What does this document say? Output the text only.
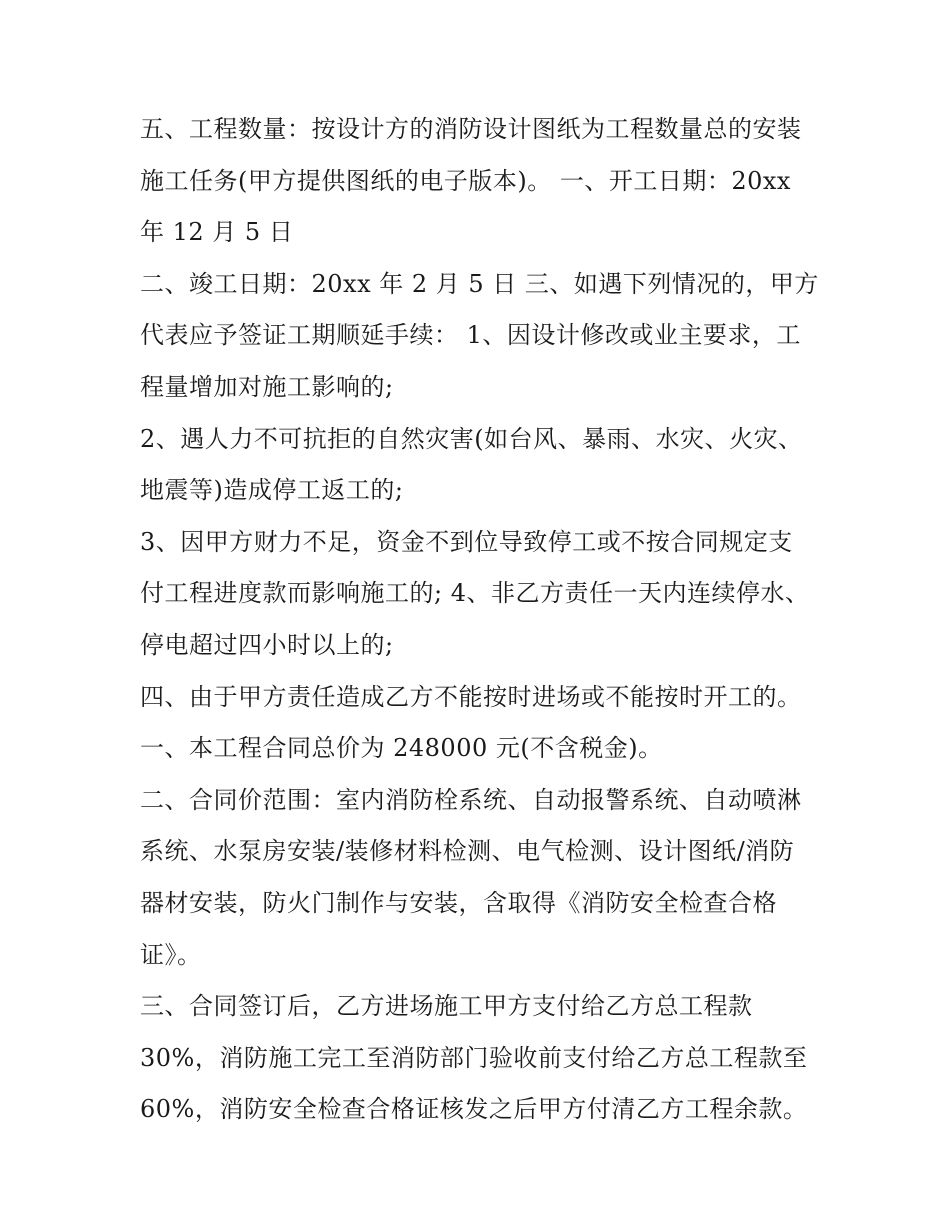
五、工程数量：按设计方的消防设计图纸为工程数量总的安装
施工任务(甲方提供图纸的电子版本)。 一、开工日期：20xx
年 12 月 5 日
二、竣工日期：20xx 年 2 月 5 日 三、如遇下列情况的，甲方
代表应予签证工期顺延手续： 1、因设计修改或业主要求，工
程量增加对施工影响的;
2、遇人力不可抗拒的自然灾害(如台风、暴雨、水灾、火灾、
地震等)造成停工返工的;
3、因甲方财力不足，资金不到位导致停工或不按合同规定支
付工程进度款而影响施工的; 4、非乙方责任一天内连续停水、
停电超过四小时以上的;
四、由于甲方责任造成乙方不能按时进场或不能按时开工的。
一、本工程合同总价为 248000 元(不含税金)。
二、合同价范围：室内消防栓系统、自动报警系统、自动喷淋
系统、水泵房安装/装修材料检测、电气检测、设计图纸/消防
器材安装，防火门制作与安装，含取得《消防安全检查合格
证》。
三、合同签订后，乙方进场施工甲方支付给乙方总工程款
30%，消防施工完工至消防部门验收前支付给乙方总工程款至
60%，消防安全检查合格证核发之后甲方付清乙方工程余款。
